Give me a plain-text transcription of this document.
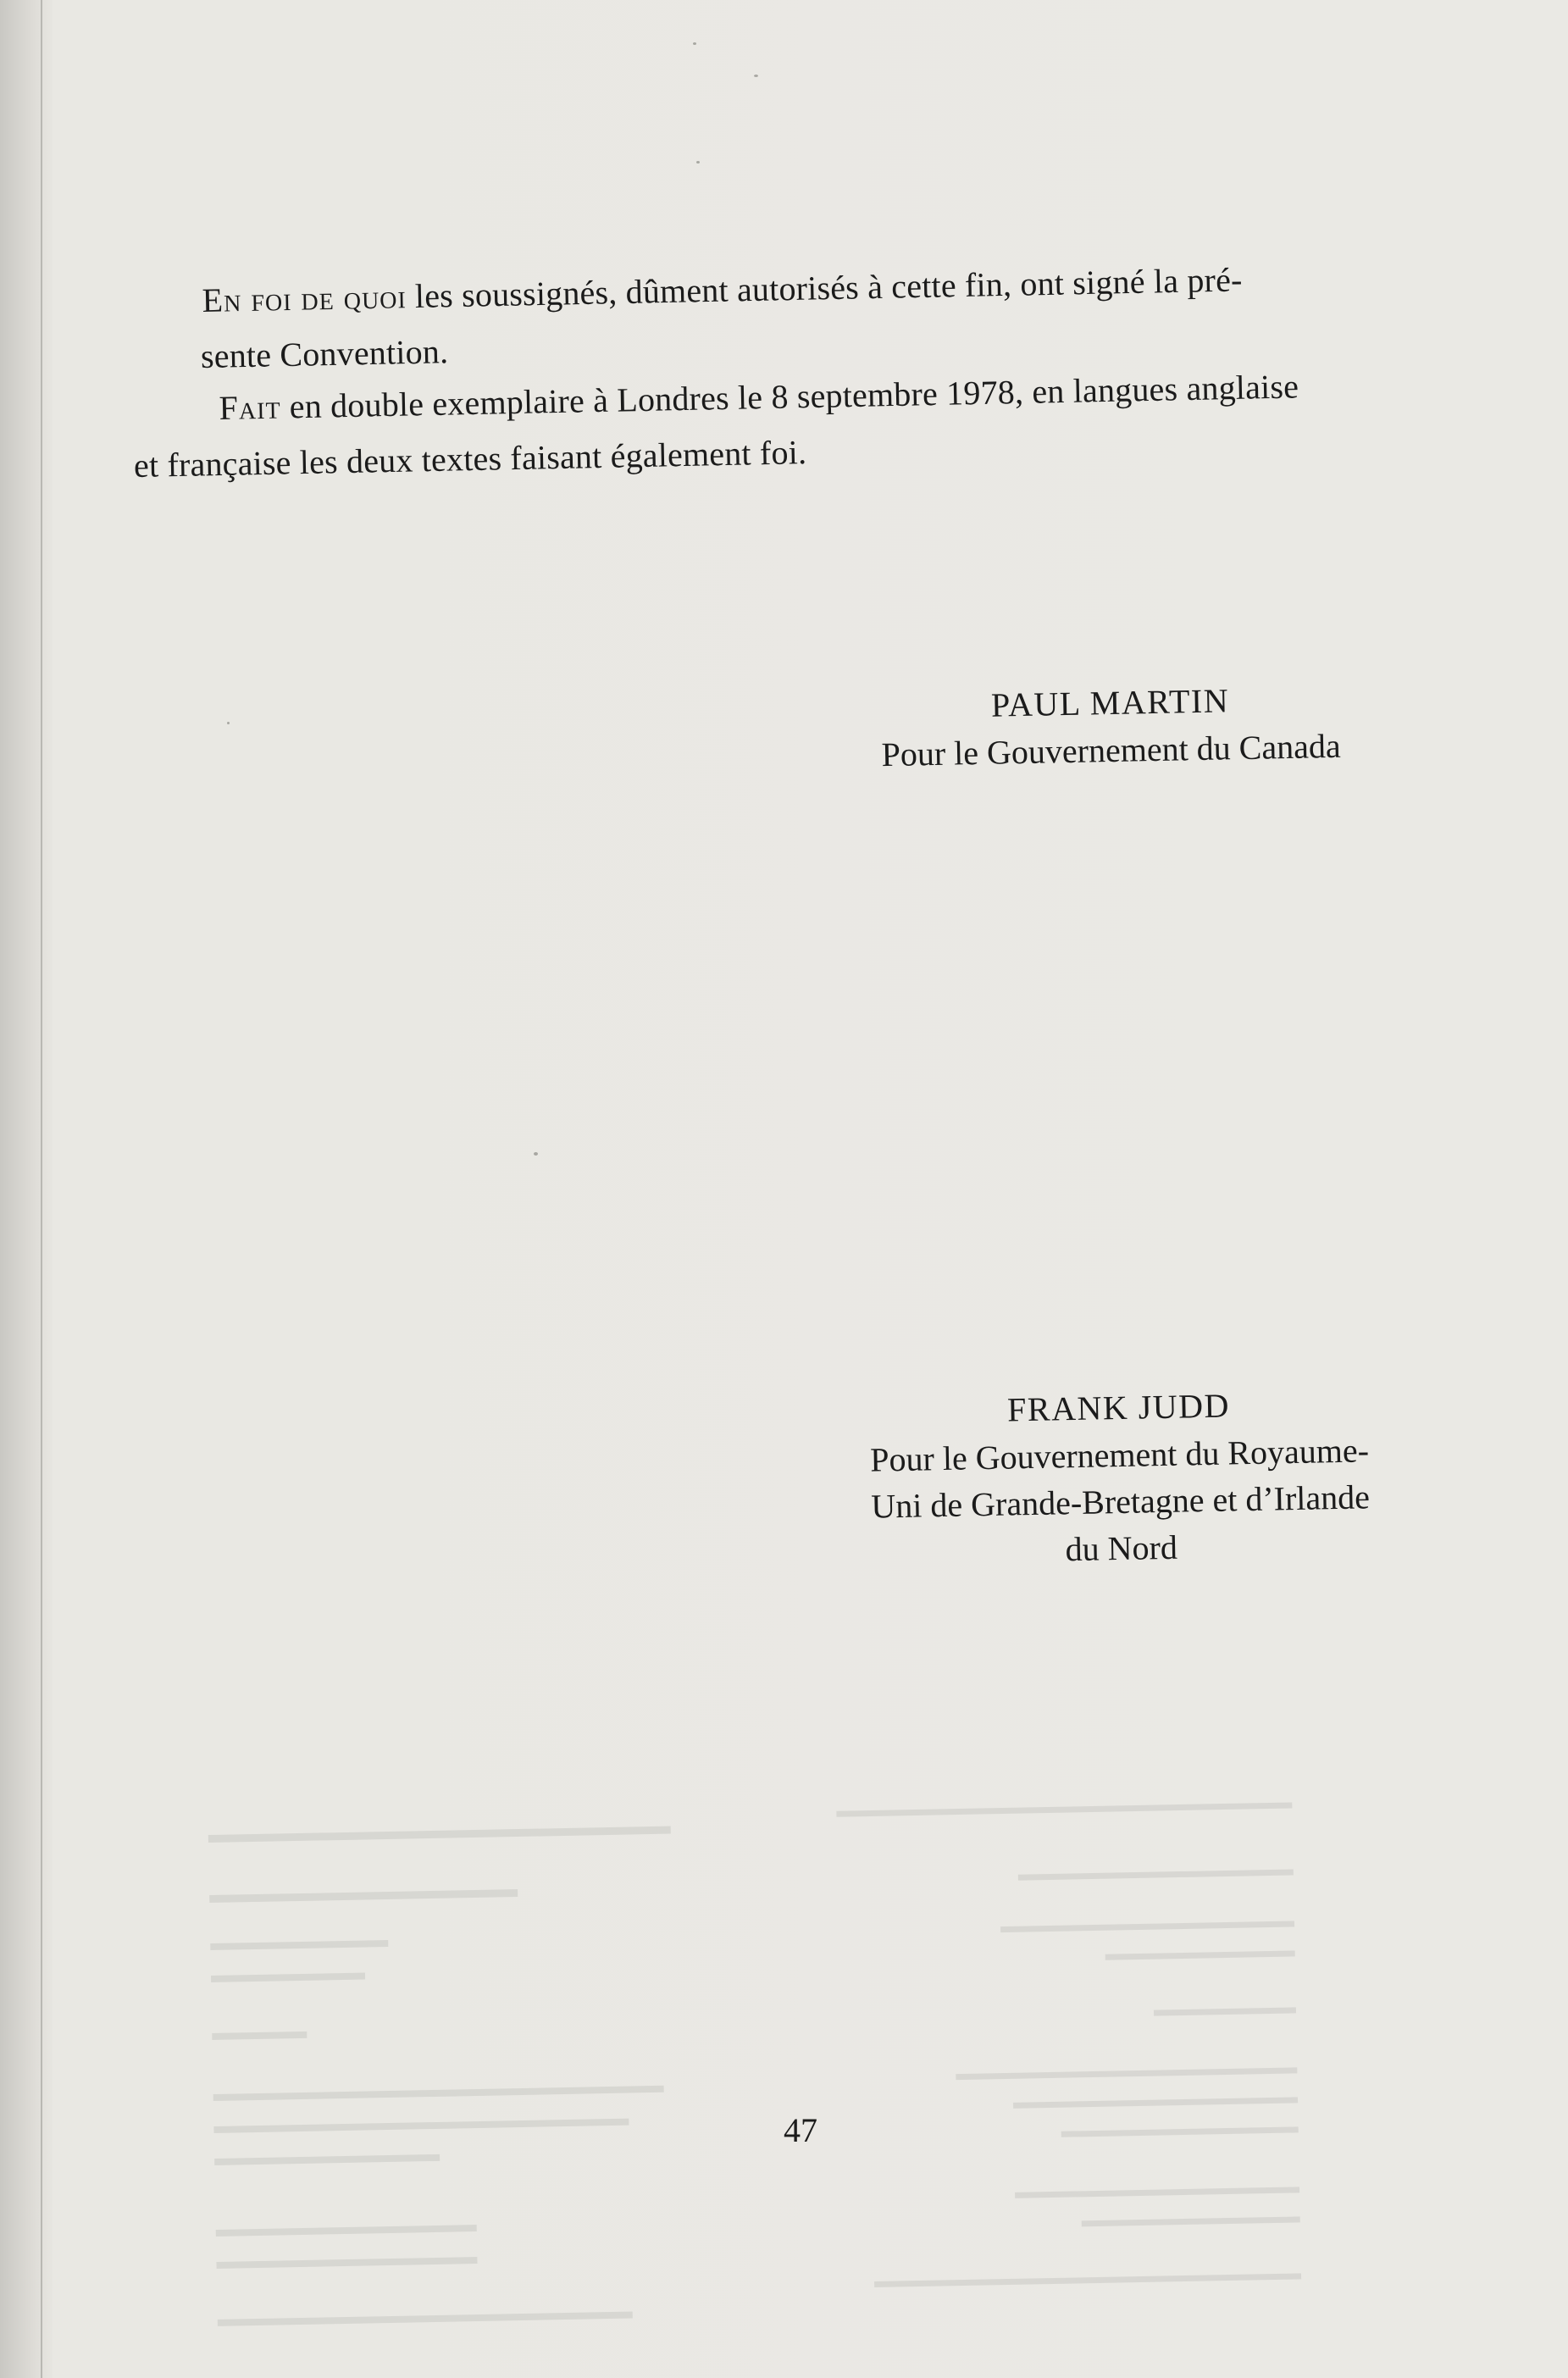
En foi de quoi les soussignés, dûment autorisés à cette fin, ont signé la pré-
sente Convention.

Fait en double exemplaire à Londres le 8 septembre 1978, en langues anglaise
et française les deux textes faisant également foi.

PAUL MARTIN
Pour le Gouvernement du Canada
FRANK JUDD
Pour le Gouvernement du Royaume-
Uni de Grande-Bretagne et d’Irlande
du Nord
47
